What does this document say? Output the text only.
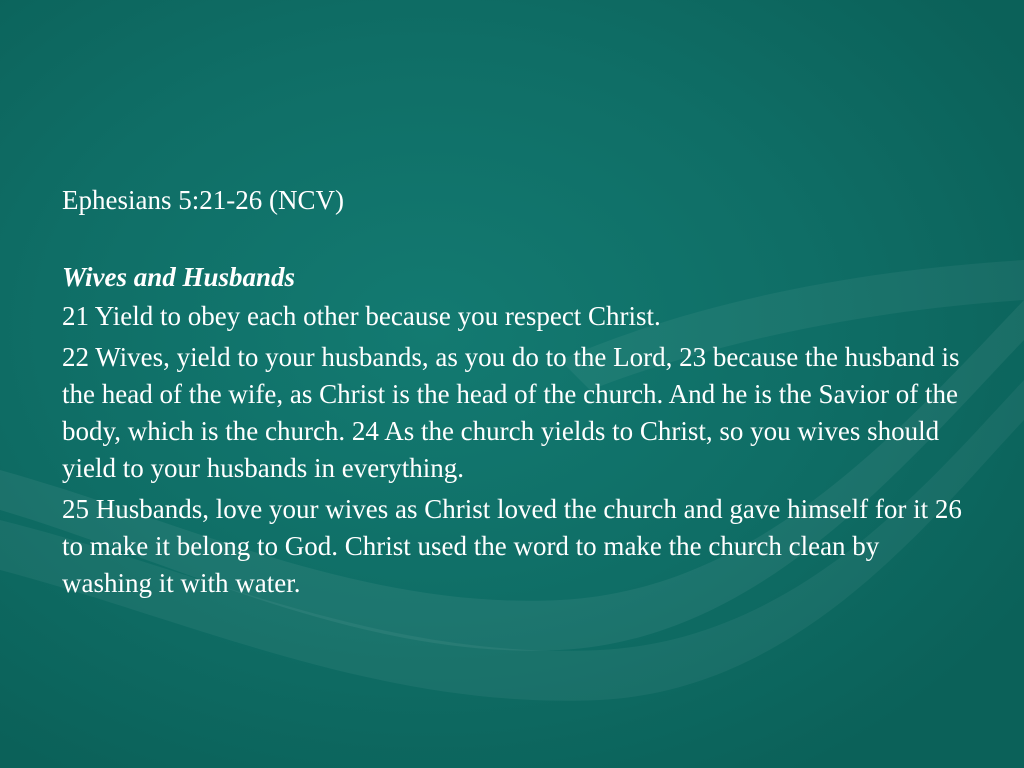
Ephesians 5:21-26 (NCV)
Wives and Husbands
21 Yield to obey each other because you respect Christ.
22 Wives, yield to your husbands, as you do to the Lord, 23 because the husband is the head of the wife, as Christ is the head of the church. And he is the Savior of the body, which is the church. 24 As the church yields to Christ, so you wives should yield to your husbands in everything.
25 Husbands, love your wives as Christ loved the church and gave himself for it 26 to make it belong to God. Christ used the word to make the church clean by washing it with water.
